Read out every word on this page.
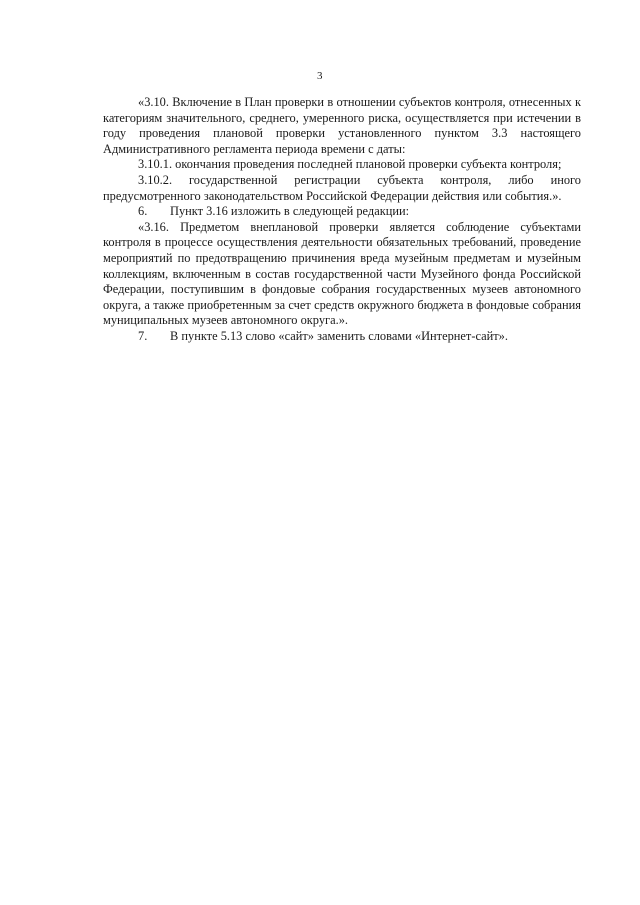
3

«3.10. Включение в План проверки в отношении субъектов контроля, отнесенных к категориям значительного, среднего, умеренного риска, осуществляется при истечении в году проведения плановой проверки установленного пунктом 3.3 настоящего Административного регламента периода времени с даты:

3.10.1. окончания проведения последней плановой проверки субъекта контроля;

3.10.2. государственной регистрации субъекта контроля, либо иного предусмотренного законодательством Российской Федерации действия или события.».

6. Пункт 3.16 изложить в следующей редакции:

«3.16. Предметом внеплановой проверки является соблюдение субъектами контроля в процессе осуществления деятельности обязательных требований, проведение мероприятий по предотвращению причинения вреда музейным предметам и музейным коллекциям, включенным в состав государственной части Музейного фонда Российской Федерации, поступившим в фондовые собрания государственных музеев автономного округа, а также приобретенным за счет средств окружного бюджета в фондовые собрания муниципальных музеев автономного округа.».

7. В пункте 5.13 слово «сайт» заменить словами «Интернет-сайт».
